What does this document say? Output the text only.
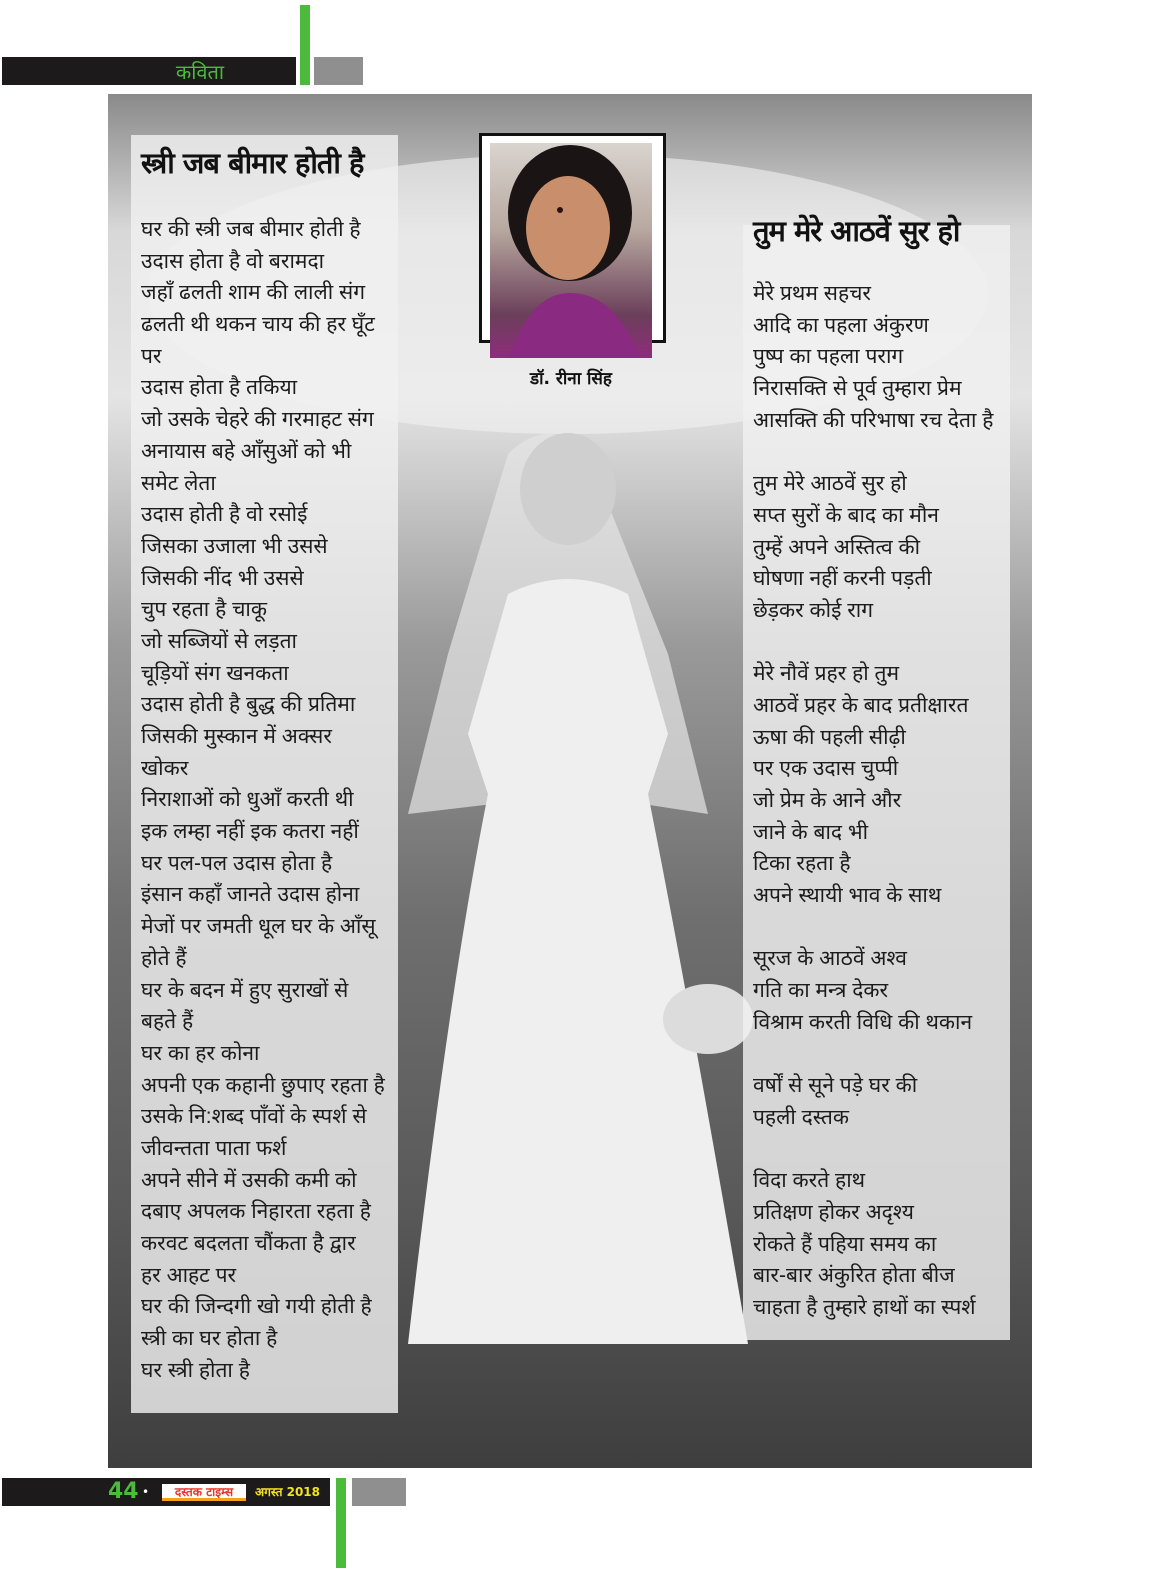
कविता
स्त्री जब बीमार होती है
घर की स्त्री जब बीमार होती है
उदास होता है वो बरामदा
जहाँ ढलती शाम की लाली संग
ढलती थी थकन चाय की हर घूँट
पर
उदास होता है तकिया
जो उसके चेहरे की गरमाहट संग
अनायास बहे आँसुओं को भी
समेट लेता
उदास होती है वो रसोई
जिसका उजाला भी उससे
जिसकी नींद भी उससे
चुप रहता है चाकू
जो सब्जियों से लड़ता
चूड़ियों संग खनकता
उदास होती है बुद्ध की प्रतिमा
जिसकी मुस्कान में अक्सर
खोकर
निराशाओं को धुआँ करती थी
इक लम्हा नहीं इक कतरा नहीं
घर पल-पल उदास होता है
इंसान कहाँ जानते उदास होना
मेजों पर जमती धूल घर के आँसू
होते हैं
घर के बदन में हुए सुराखों से
बहते हैं
घर का हर कोना
अपनी एक कहानी छुपाए रहता है
उसके नि:शब्द पाँवों के स्पर्श से
जीवन्तता पाता फर्श
अपने सीने में उसकी कमी को
दबाए अपलक निहारता रहता है
करवट बदलता चौंकता है द्वार
हर आहट पर
घर की जिन्दगी खो गयी होती है
स्त्री का घर होता है
घर स्त्री होता है
तुम मेरे आठवें सुर हो
मेरे प्रथम सहचर
आदि का पहला अंकुरण
पुष्प का पहला पराग
निरासक्ति से पूर्व तुम्हारा प्रेम
आसक्ति की परिभाषा रच देता है
तुम मेरे आठवें सुर हो
सप्त सुरों के बाद का मौन
तुम्हें अपने अस्तित्व की
घोषणा नहीं करनी पड़ती
छेड़कर कोई राग
मेरे नौवें प्रहर हो तुम
आठवें प्रहर के बाद प्रतीक्षारत
ऊषा की पहली सीढ़ी
पर एक उदास चुप्पी
जो प्रेम के आने और
जाने के बाद भी
टिका रहता है
अपने स्थायी भाव के साथ
सूरज के आठवें अश्व
गति का मन्त्र देकर
विश्राम करती विधि की थकान
वर्षों से सूने पड़े घर की
पहली दस्तक
विदा करते हाथ
प्रतिक्षण होकर अदृश्य
रोकते हैं पहिया समय का
बार-बार अंकुरित होता बीज
चाहता है तुम्हारे हाथों का स्पर्श
डॉ. रीना सिंह
44 •	दस्तक टाइम्स	अगस्त 2018
